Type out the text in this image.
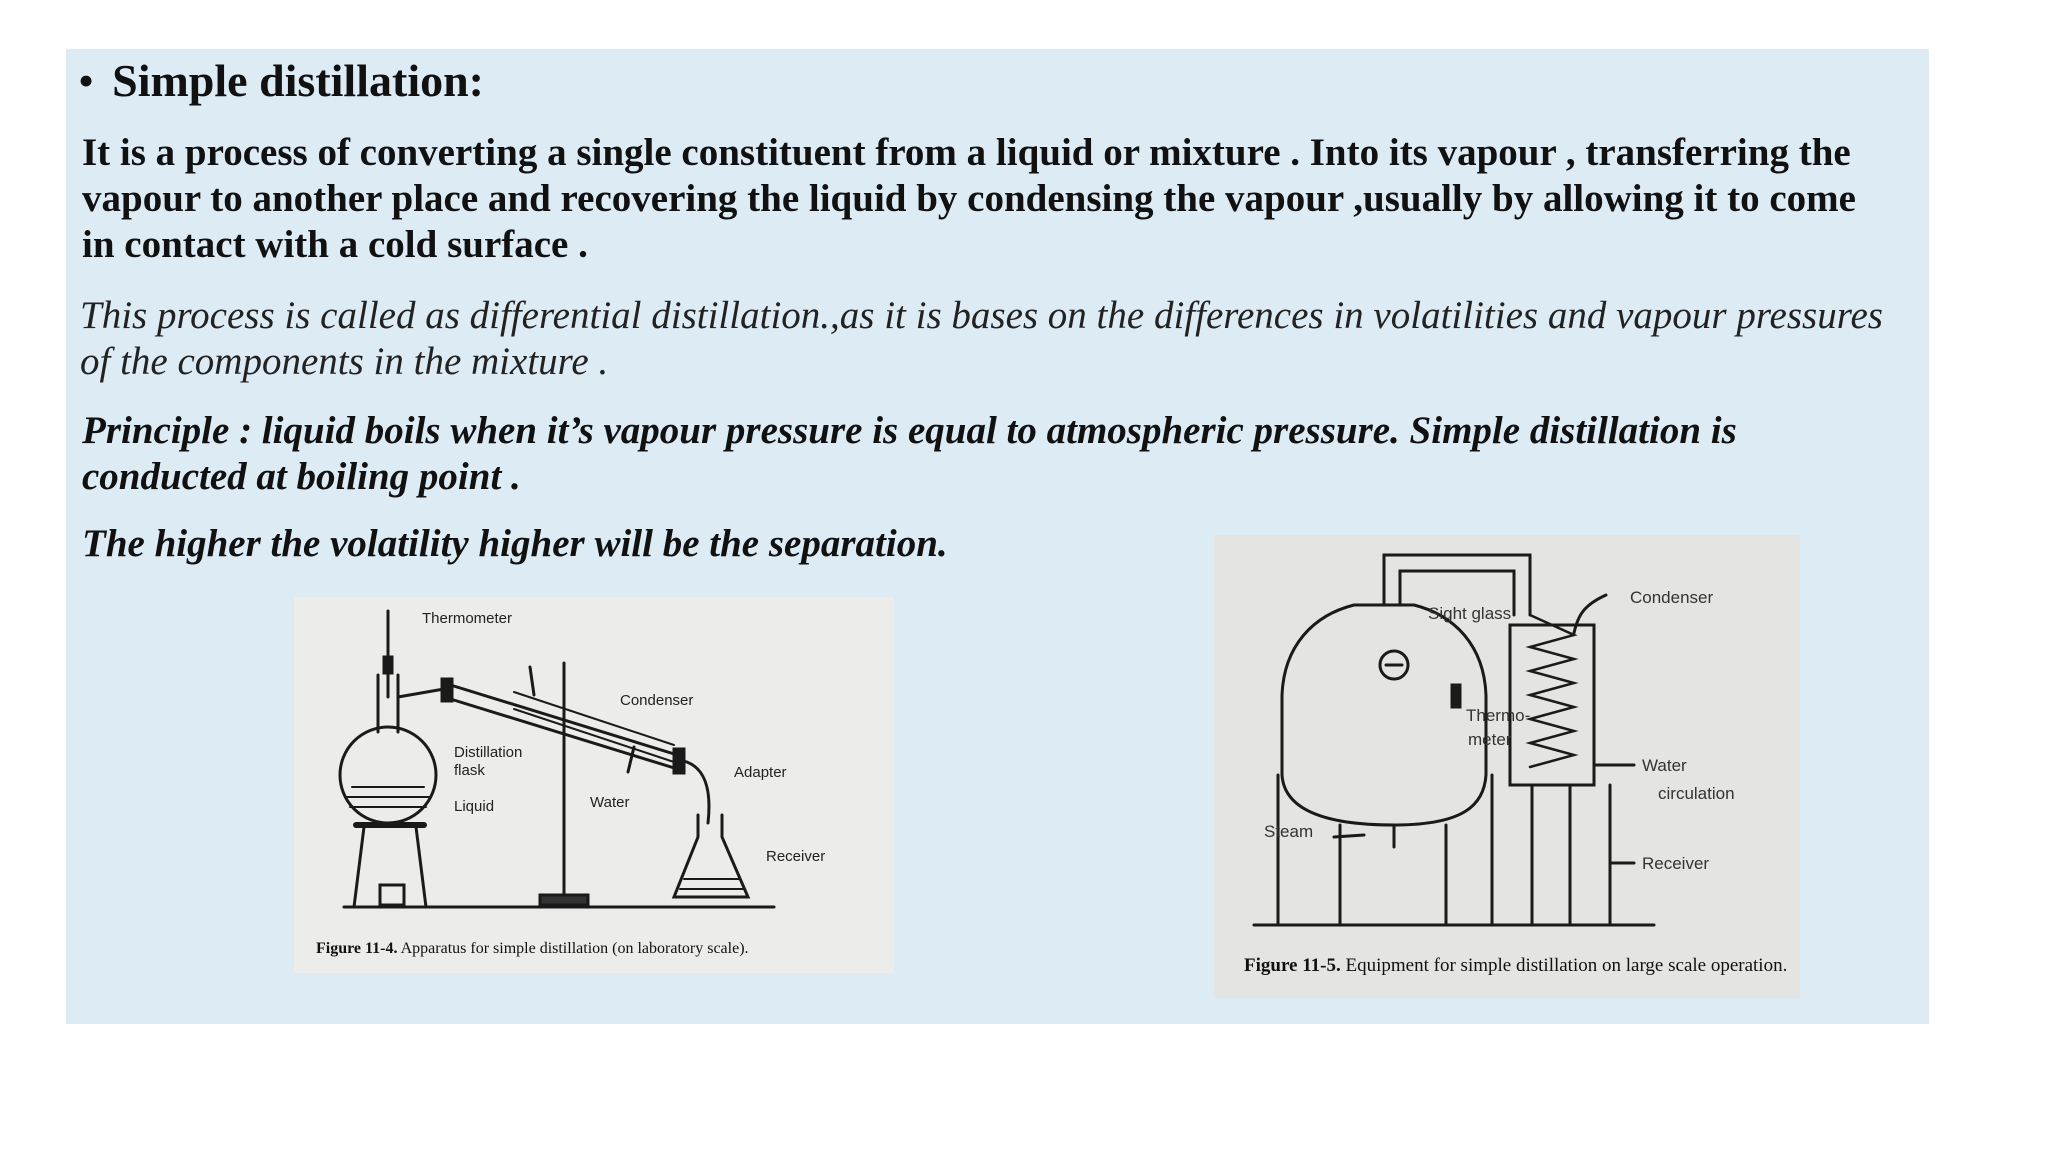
• Simple distillation:

It is a process of converting a single constituent from a liquid or mixture . Into its vapour , transferring the vapour to another place and recovering the liquid by condensing the vapour ,usually by allowing it to come in contact with a cold surface .

This process is called as differential distillation.,as it is bases on the differences in volatilities and vapour pressures of the components in the mixture .

Principle : liquid boils when it’s vapour pressure is equal to atmospheric pressure. Simple distillation is conducted at boiling point .

The higher the volatility higher will be the separation.

Thermometer
Condenser
Distillation
flask
Liquid	Water
Adapter
Receiver
Figure 11-4. Apparatus for simple distillation (on laboratory scale).
Condenser
Sight glass
Thermo-
meter
Water
circulation
Steam
Receiver
Figure 11-5. Equipment for simple distillation on large scale operation.
